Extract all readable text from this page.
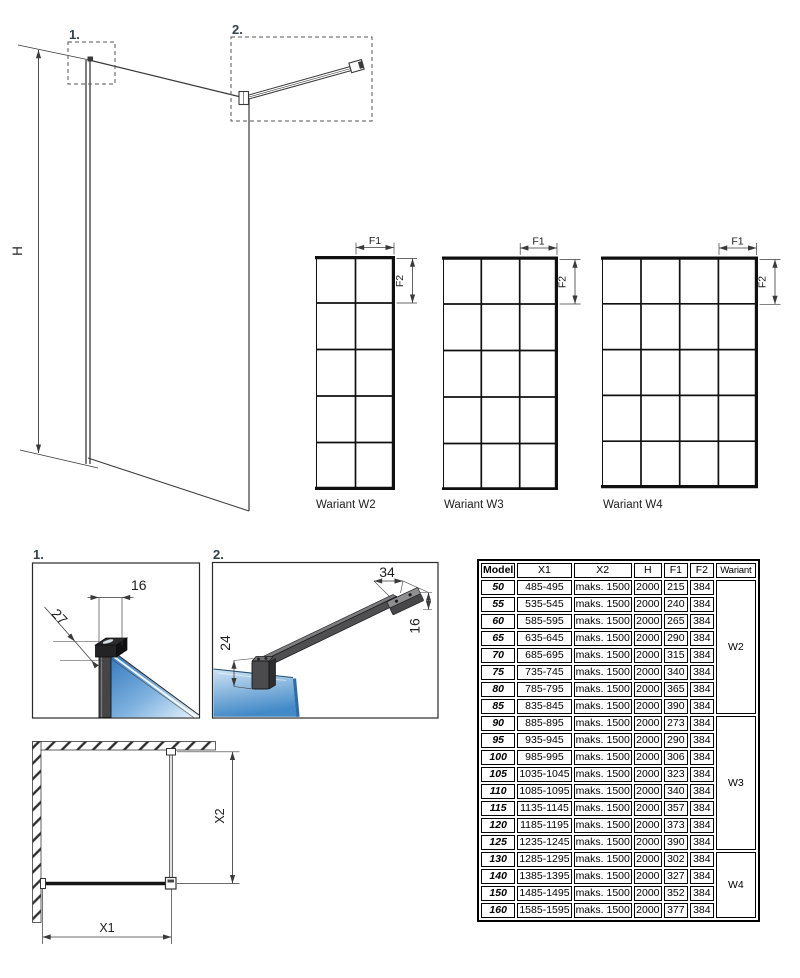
1.	2.
H
F1
F2
Wariant W2
F1
F2
Wariant W3
F1
F2
Wariant W4
1.
16
27
2.
34
16
24
X1
X2
Model	X1	X2	H	F1	F2	Wariant
50	485-495	maks. 1500	2000	215	384	W2
55	535-545	maks. 1500	2000	240	384	
60	585-595	maks. 1500	2000	265	384	
65	635-645	maks. 1500	2000	290	384	
70	685-695	maks. 1500	2000	315	384	
75	735-745	maks. 1500	2000	340	384	
80	785-795	maks. 1500	2000	365	384	
85	835-845	maks. 1500	2000	390	384	
90	885-895	maks. 1500	2000	273	384	W3
95	935-945	maks. 1500	2000	290	384	
100	985-995	maks. 1500	2000	306	384	
105	1035-1045	maks. 1500	2000	323	384	
110	1085-1095	maks. 1500	2000	340	384	
115	1135-1145	maks. 1500	2000	357	384	
120	1185-1195	maks. 1500	2000	373	384	
125	1235-1245	maks. 1500	2000	390	384	
130	1285-1295	maks. 1500	2000	302	384	W4
140	1385-1395	maks. 1500	2000	327	384	
150	1485-1495	maks. 1500	2000	352	384	
160	1585-1595	maks. 1500	2000	377	384	
